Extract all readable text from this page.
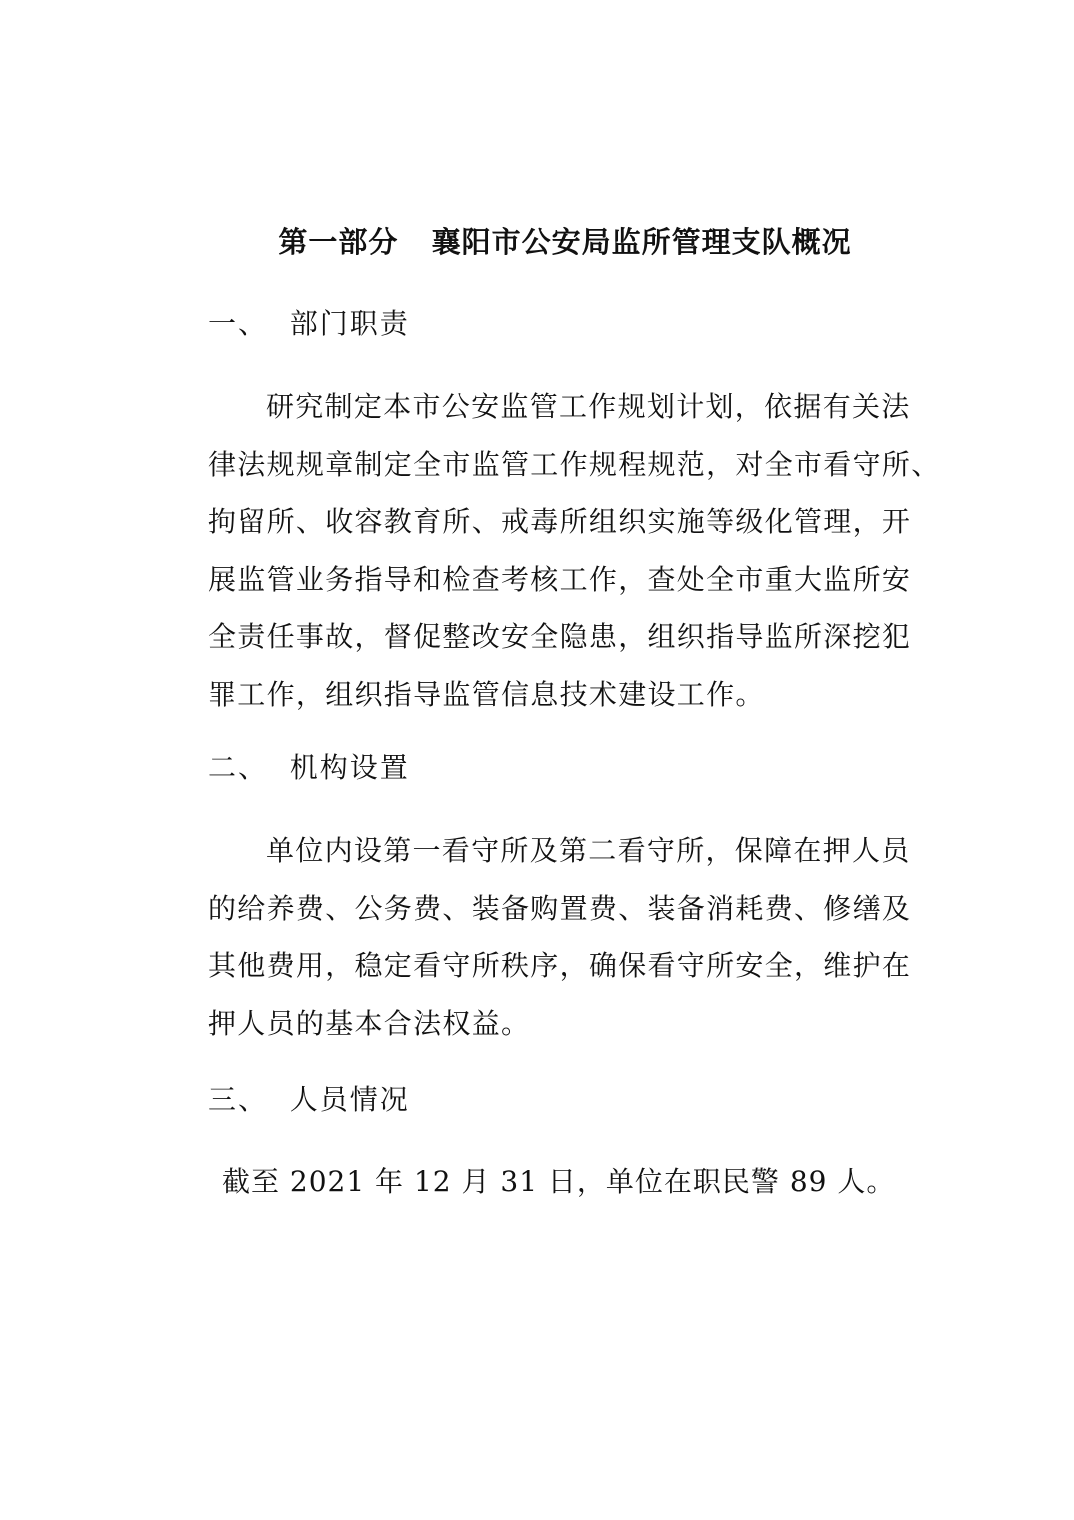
第一部分   襄阳市公安局监所管理支队概况
一、  部门职责
研究制定本市公安监管工作规划计划，依据有关法
律法规规章制定全市监管工作规程规范，对全市看守所、
拘留所、收容教育所、戒毒所组织实施等级化管理，开
展监管业务指导和检查考核工作，查处全市重大监所安
全责任事故，督促整改安全隐患，组织指导监所深挖犯
罪工作，组织指导监管信息技术建设工作。
二、  机构设置
单位内设第一看守所及第二看守所，保障在押人员
的给养费、公务费、装备购置费、装备消耗费、修缮及
其他费用，稳定看守所秩序，确保看守所安全，维护在
押人员的基本合法权益。
三、  人员情况
截至 2021 年 12 月 31 日，单位在职民警 89 人。
